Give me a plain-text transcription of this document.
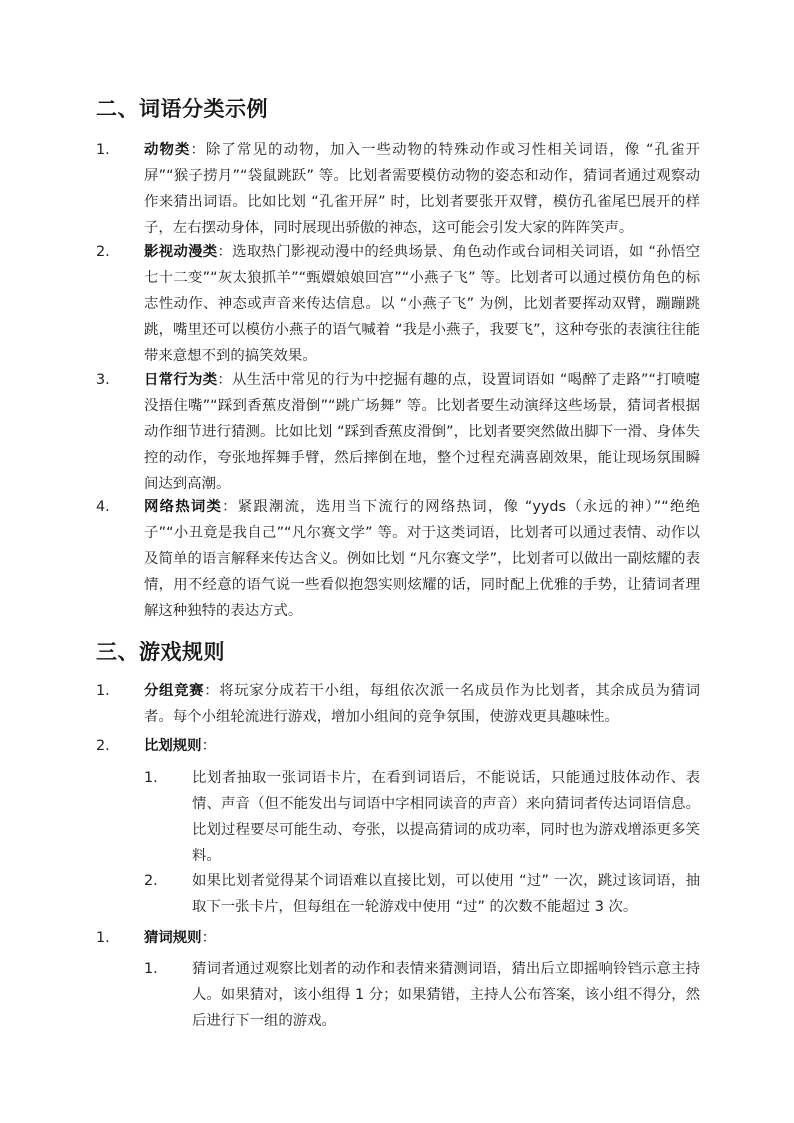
二、词语分类示例
1. 动物类：除了常见的动物，加入一些动物的特殊动作或习性相关词语，像 “孔雀开屏”“猴子捞月”“袋鼠跳跃” 等。比划者需要模仿动物的姿态和动作，猜词者通过观察动作来猜出词语。比如比划 “孔雀开屏” 时，比划者要张开双臂，模仿孔雀尾巴展开的样子，左右摆动身体，同时展现出骄傲的神态，这可能会引发大家的阵阵笑声。
2. 影视动漫类：选取热门影视动漫中的经典场景、角色动作或台词相关词语，如 “孙悟空七十二变”“灰太狼抓羊”“甄嬛娘娘回宫”“小燕子飞” 等。比划者可以通过模仿角色的标志性动作、神态或声音来传达信息。以 “小燕子飞” 为例，比划者要挥动双臂，蹦蹦跳跳，嘴里还可以模仿小燕子的语气喊着 “我是小燕子，我要飞”，这种夸张的表演往往能带来意想不到的搞笑效果。
3. 日常行为类：从生活中常见的行为中挖掘有趣的点，设置词语如 “喝醉了走路”“打喷嚏没捂住嘴”“踩到香蕉皮滑倒”“跳广场舞” 等。比划者要生动演绎这些场景，猜词者根据动作细节进行猜测。比如比划 “踩到香蕉皮滑倒”，比划者要突然做出脚下一滑、身体失控的动作，夸张地挥舞手臂，然后摔倒在地，整个过程充满喜剧效果，能让现场氛围瞬间达到高潮。
4. 网络热词类：紧跟潮流，选用当下流行的网络热词，像 “yyds（永远的神）”“绝绝子”“小丑竟是我自己”“凡尔赛文学” 等。对于这类词语，比划者可以通过表情、动作以及简单的语言解释来传达含义。例如比划 “凡尔赛文学”，比划者可以做出一副炫耀的表情，用不经意的语气说一些看似抱怨实则炫耀的话，同时配上优雅的手势，让猜词者理解这种独特的表达方式。
三、游戏规则
1. 分组竞赛：将玩家分成若干小组，每组依次派一名成员作为比划者，其余成员为猜词者。每个小组轮流进行游戏，增加小组间的竞争氛围，使游戏更具趣味性。
2. 比划规则：
1. 比划者抽取一张词语卡片，在看到词语后，不能说话，只能通过肢体动作、表情、声音（但不能发出与词语中字相同读音的声音）来向猜词者传达词语信息。比划过程要尽可能生动、夸张，以提高猜词的成功率，同时也为游戏增添更多笑料。
2. 如果比划者觉得某个词语难以直接比划，可以使用 “过” 一次，跳过该词语，抽取下一张卡片，但每组在一轮游戏中使用 “过” 的次数不能超过 3 次。
1. 猜词规则：
1. 猜词者通过观察比划者的动作和表情来猜测词语，猜出后立即摇响铃铛示意主持人。如果猜对，该小组得 1 分；如果猜错，主持人公布答案，该小组不得分，然后进行下一组的游戏。
